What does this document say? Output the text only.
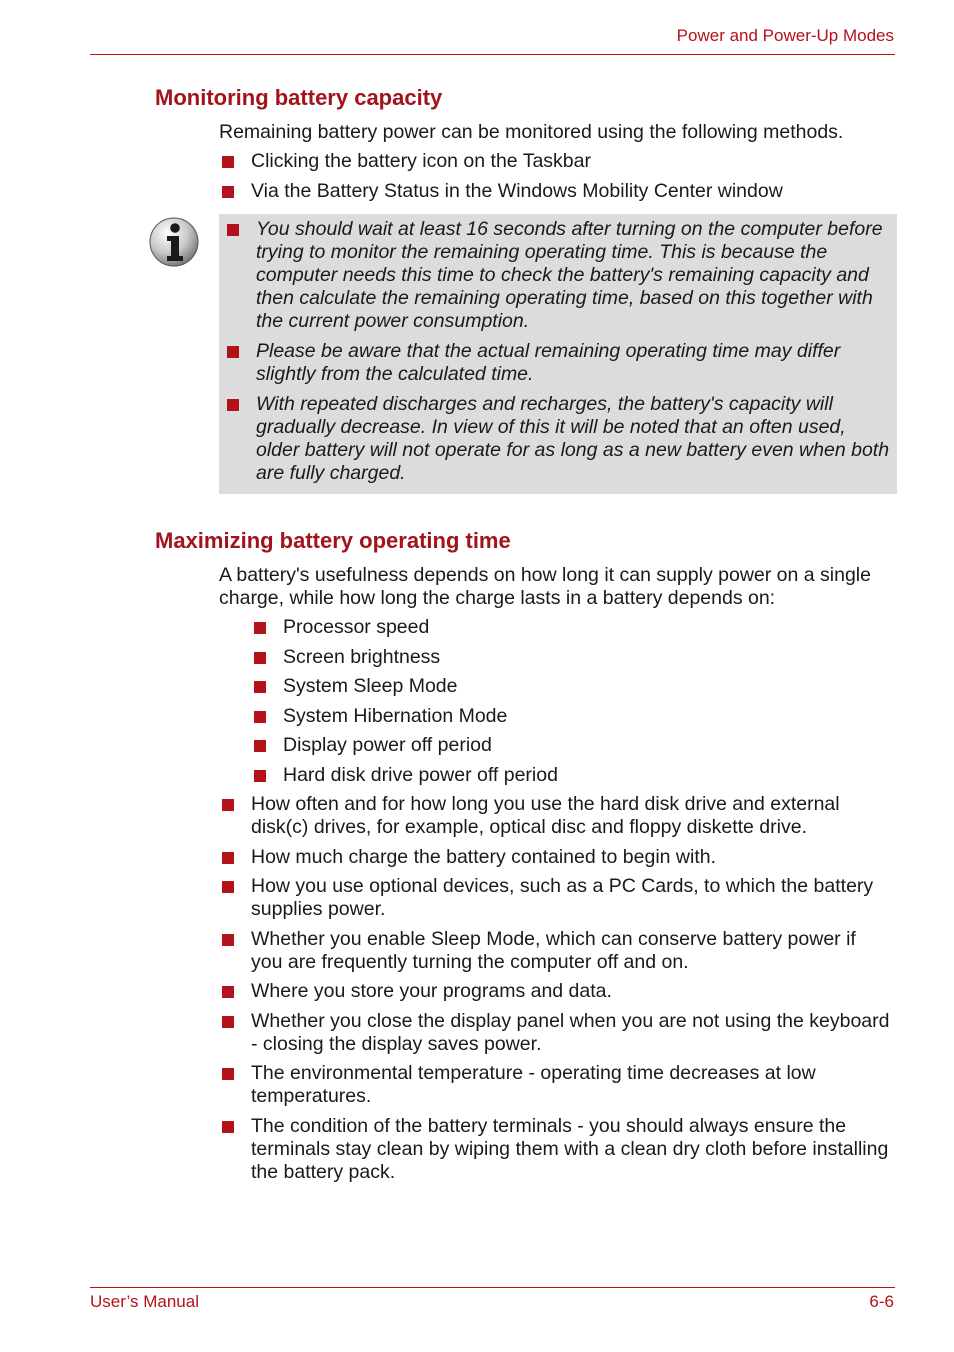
Power and Power-Up Modes
Monitoring battery capacity

Remaining battery power can be monitored using the following methods.

Clicking the battery icon on the Taskbar
Via the Battery Status in the Windows Mobility Center window
You should wait at least 16 seconds after turning on the computer before trying to monitor the remaining operating time. This is because the computer needs this time to check the battery's remaining capacity and then calculate the remaining operating time, based on this together with the current power consumption.
Please be aware that the actual remaining operating time may differ slightly from the calculated time.
With repeated discharges and recharges, the battery's capacity will gradually decrease. In view of this it will be noted that an often used, older battery will not operate for as long as a new battery even when both are fully charged.
Maximizing battery operating time

A battery's usefulness depends on how long it can supply power on a single charge, while how long the charge lasts in a battery depends on:

Processor speed
Screen brightness
System Sleep Mode
System Hibernation Mode
Display power off period
Hard disk drive power off period
How often and for how long you use the hard disk drive and external disk(c) drives, for example, optical disc and floppy diskette drive.
How much charge the battery contained to begin with.
How you use optional devices, such as a PC Cards, to which the battery supplies power.
Whether you enable Sleep Mode, which can conserve battery power if you are frequently turning the computer off and on.
Where you store your programs and data.
Whether you close the display panel when you are not using the keyboard - closing the display saves power.
The environmental temperature - operating time decreases at low temperatures.
The condition of the battery terminals - you should always ensure the terminals stay clean by wiping them with a clean dry cloth before installing the battery pack.
User’s Manual	6-6
